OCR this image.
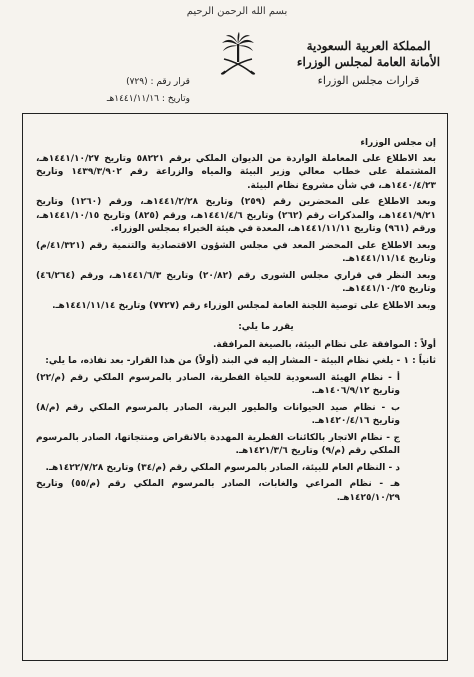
بسم الله الرحمن الرحيم
المملكة العربية السعودية
الأمانة العامة لمجلس الوزراء
قرارات مجلس الوزراء
قرار رقم : (٧٢٩)
وتاريخ : ١٤٤١/١١/١٦هـ

إن مجلس الوزراء

بعد الاطلاع على المعاملة الواردة من الديوان الملكي برقم ٥٨٢٢١ وتاريخ ١٤٤١/١٠/٢٧هـ، المشتملة على خطاب معالي وزير البيئة والمياه والزراعة رقم ١٤٣٩/٣/٩٠٢ وتاريخ ١٤٤٠/٤/٢٣هـ، في شأن مشروع نظام البيئة.

وبعد الاطلاع على المحضرين رقم (٢٥٩) وتاريخ ١٤٤١/٢/٢٨هـ، ورقم (١٢٦٠) وتاريخ ١٤٤١/٩/٢١هـ، والمذكرات رقم (٢٦٢) وتاريخ ١٤٤١/٤/٦هـ، ورقم (٨٢٥) وتاريخ ١٤٤١/١٠/١٥هـ، ورقم (٩٦١) وتاريخ ١٤٤١/١١/١١هـ، المعدة في هيئة الخبراء بمجلس الوزراء.

وبعد الاطلاع على المحضر المعد في مجلس الشؤون الاقتصادية والتنمية رقم (٤١/٣٢١/م) وتاريخ ١٤٤١/١١/١٤هـ.

وبعد النظر في قراري مجلس الشورى رقم (٢٠/٨٢) وتاريخ ١٤٤١/٦/٣هـ، ورقم (٤٦/٢٦٤) وتاريخ ١٤٤١/١٠/٢٥هـ.

وبعد الاطلاع على توصية اللجنة العامة لمجلس الوزراء رقم (٧٧٢٧) وتاريخ ١٤٤١/١١/١٤هـ.

يقرر ما يلي:

أولاً : الموافقة على نظام البيئة، بالصيغة المرافقة.

ثانياً : ١ - يلغي نظام البيئة - المشار إليه في البند (أولاً) من هذا القرار- بعد نفاذه، ما يلي:

أ - نظام الهيئة السعودية للحياة الفطرية، الصادر بالمرسوم الملكي رقم (م/٢٢) وتاريخ ١٤٠٦/٩/١٢هـ.

ب - نظام صيد الحيوانات والطيور البرية، الصادر بالمرسوم الملكي رقم (م/٨) وتاريخ ١٤٢٠/٤/١٦هـ.

ج - نظام الاتجار بالكائنات الفطرية المهددة بالانقراض ومنتجاتها، الصادر بالمرسوم الملكي رقم (م/٩) وتاريخ ١٤٢١/٣/٦هـ.

د - النظام العام للبيئة، الصادر بالمرسوم الملكي رقم (م/٣٤) وتاريخ ١٤٢٢/٧/٢٨هـ.

هـ - نظام المراعي والغابات، الصادر بالمرسوم الملكي رقم (م/٥٥) وتاريخ ١٤٢٥/١٠/٢٩هـ.
